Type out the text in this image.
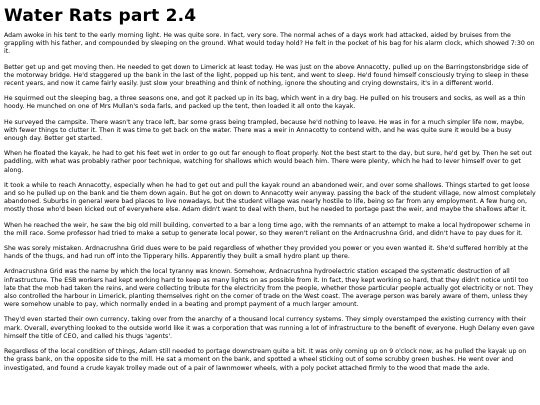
Water Rats part 2.4

Adam awoke in his tent to the early morning light. He was quite sore. In fact, very sore. The normal aches of a days work had attacked, aided by bruises from the grappling with his father, and compounded by sleeping on the ground. What would today hold? He felt in the pocket of his bag for his alarm clock, which showed 7:30 on it.

Better get up and get moving then. He needed to get down to Limerick at least today. He was just on the above Annacotty, pulled up on the Barringstonsbridge side of the motorway bridge. He'd staggered up the bank in the last of the light, popped up his tent, and went to sleep. He'd found himself consciously trying to sleep in these recent years, and now it came fairly easily. Just slow your breathing and think of nothing, ignore the shouting and crying downstairs, it's in a different world.

He squirmed out the sleeping bag, a three seasons one, and got it packed up in its bag, which went in a dry bag. He pulled on his trousers and socks, as well as a thin hoody. He munched on one of Mrs Mullan's soda farls, and packed up the tent, then loaded it all onto the kayak.

He surveyed the campsite. There wasn't any trace left, bar some grass being trampled, because he'd nothing to leave. He was in for a much simpler life now, maybe, with fewer things to clutter it. Then it was time to get back on the water. There was a weir in Annacotty to contend with, and he was quite sure it would be a busy enough day. Better get started.

When he floated the kayak, he had to get his feet wet in order to go out far enough to float properly. Not the best start to the day, but sure, he'd get by. Then he set out paddling, with what was probably rather poor technique, watching for shallows which would beach him. There were plenty, which he had to lever himself over to get along.

It took a while to reach Annacotty, especially when he had to get out and pull the kayak round an abandoned weir, and over some shallows. Things started to get loose and so he pulled up on the bank and tie them down again. But he got on down to Annacotty weir anyway. passing the back of the student village, now almost completely abandoned. Suburbs in general were bad places to live nowadays, but the student village was nearly hostile to life, being so far from any employment. A few hung on, mostly those who'd been kicked out of everywhere else. Adam didn't want to deal with them, but he needed to portage past the weir, and maybe the shallows after it.

When he reached the weir, he saw the big old mill building, converted to a bar a long time ago, with the remnants of an attempt to make a local hydropower scheme in the mill race. Some professor had tried to make a setup to generate local power, so they weren't reliant on the Ardnacrushna Grid, and didn't have to pay dues for it.

She was sorely mistaken. Ardnacrushna Grid dues were to be paid regardless of whether they provided you power or you even wanted it. She'd suffered horribly at the hands of the thugs, and had run off into the Tipperary hills. Apparently they built a small hydro plant up there.

Ardnacrushna Grid was the name by which the local tyranny was known. Somehow, Ardnacrushna hydroelectric station escaped the systematic destruction of all infrastructure. The ESB workers had kept working hard to keep as many lights on as possible from it. In fact, they kept working so hard, that they didn't notice until too late that the mob had taken the reins, and were collecting tribute for the electricity from the people, whether those particular people actually got electricity or not. They also controlled the harbour in Limerick, planting themselves right on the corner of trade on the West coast. The average person was barely aware of them, unless they were somehow unable to pay, which normally ended in a beating and prompt payment of a much larger amount.

They'd even started their own currency, taking over from the anarchy of a thousand local currency systems. They simply overstamped the existing currency with their mark. Overall, everything looked to the outside world like it was a corporation that was running a lot of infrastructure to the benefit of everyone. Hugh Delany even gave himself the title of CEO, and called his thugs 'agents'.

Regardless of the local condition of things, Adam still needed to portage downstream quite a bit. It was only coming up on 9 o'clock now, as he pulled the kayak up on the grass bank, on the opposite side to the mill. He sat a moment on the bank, and spotted a wheel sticking out of some scrubby green bushes. He went over and investigated, and found a crude kayak trolley made out of a pair of lawnmower wheels, with a poly pocket attached firmly to the wood that made the axle.
